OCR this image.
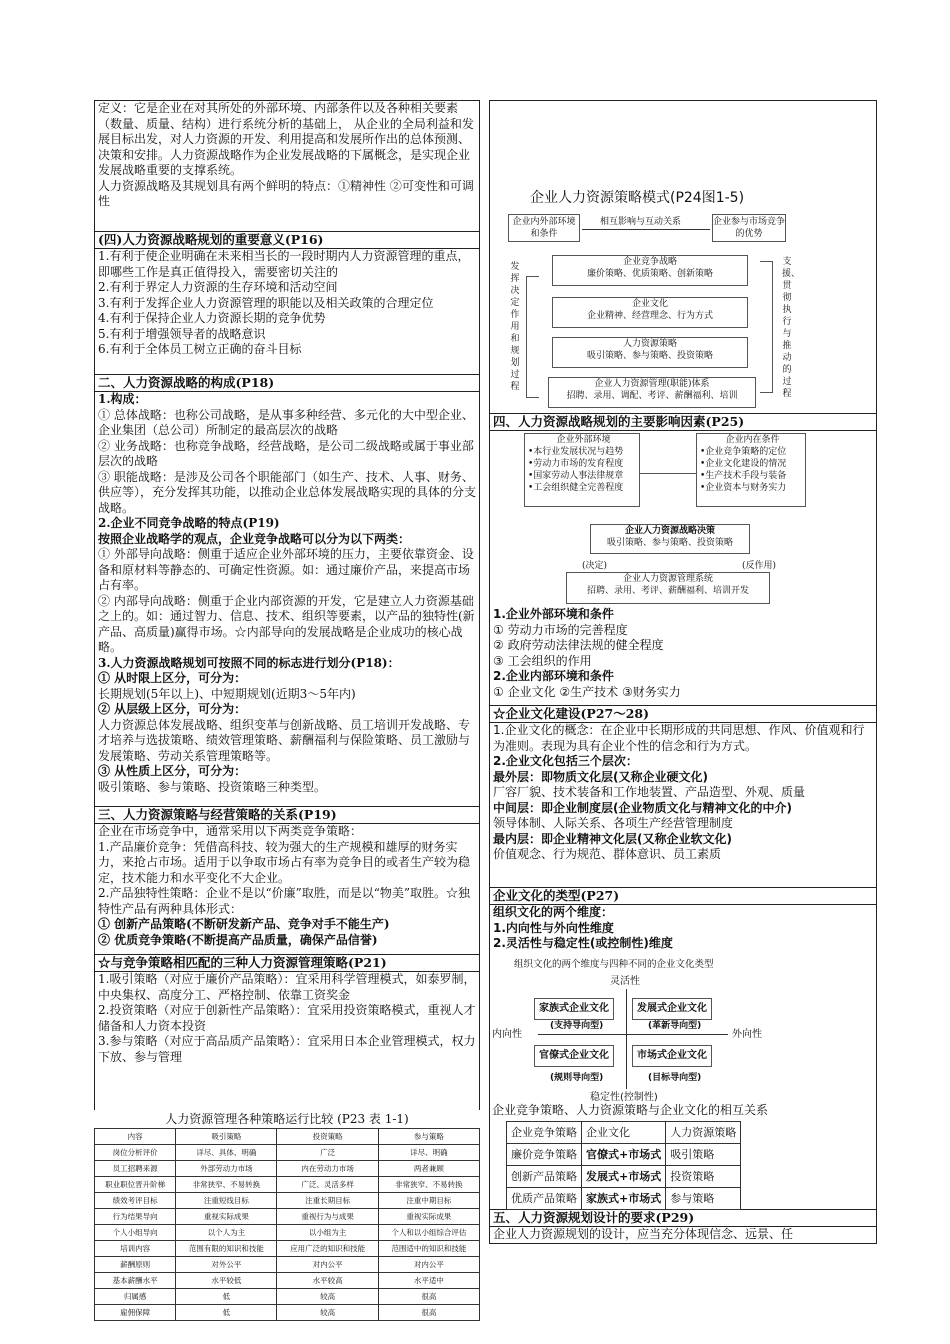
定义：它是企业在对其所处的外部环境、内部条件以及各种相关要素（数量、质量、结构）进行系统分析的基础上， 从企业的全局利益和发展目标出发，对人力资源的开发、利用提高和发展所作出的总体预测、决策和安排。人力资源战略作为企业发展战略的下属概念，是实现企业发展战略重要的支撑系统。

人力资源战略及其规划具有两个鲜明的特点：①精神性 ②可变性和可调性

(四)人力资源战略规划的重要意义(P16)

1.有利于使企业明确在未来相当长的一段时期内人力资源管理的重点，即哪些工作是真正值得投入，需要密切关注的

2.有利于界定人力资源的生存环境和活动空间

3.有利于发挥企业人力资源管理的职能以及相关政策的合理定位

4.有利于保持企业人力资源长期的竞争优势

5.有利于增强领导者的战略意识

6.有利于全体员工树立正确的奋斗目标

二、人力资源战略的构成(P18)

1.构成：

① 总体战略：也称公司战略，是从事多种经营、多元化的大中型企业、企业集团（总公司）所制定的最高层次的战略

② 业务战略：也称竞争战略，经营战略，是公司二级战略或属于事业部层次的战略

③ 职能战略：是涉及公司各个职能部门（如生产、技术、人事、财务、供应等），充分发挥其功能，以推动企业总体发展战略实现的具体的分支战略。

2.企业不同竞争战略的特点(P19)

按照企业战略学的观点，企业竞争战略可以分为以下两类：

① 外部导向战略：侧重于适应企业外部环境的压力，主要依靠资金、设备和原材料等静态的、可确定性资源。如：通过廉价产品，来提高市场占有率。

② 内部导向战略：侧重于企业内部资源的开发，它是建立人力资源基础之上的。如：通过智力、信息、技术、组织等要素，以产品的独特性(新产品、高质量)赢得市场。☆内部导向的发展战略是企业成功的核心战略。

3.人力资源战略规划可按照不同的标志进行划分(P18)：

① 从时限上区分，可分为：

长期规划(5年以上)、中短期规划(近期3～5年内)

② 从层级上区分，可分为：

人力资源总体发展战略、组织变革与创新战略、员工培训开发战略、专才培养与选拔策略、绩效管理策略、薪酬福利与保险策略、员工激励与发展策略、劳动关系管理策略等。

③ 从性质上区分，可分为：

吸引策略、参与策略、投资策略三种类型。

三、人力资源策略与经营策略的关系(P19)

企业在市场竞争中，通常采用以下两类竞争策略：

1.产品廉价竞争：凭借高科技、较为强大的生产规模和雄厚的财务实力，来抢占市场。适用于以争取市场占有率为竞争目的或者生产较为稳定，技术能力和水平变化不大企业。

2.产品独特性策略：企业不是以“价廉”取胜，而是以“物美”取胜。☆独特性产品有两种具体形式：

① 创新产品策略(不断研发新产品、竞争对手不能生产)

② 优质竞争策略(不断提高产品质量，确保产品信誉)

☆与竞争策略相匹配的三种人力资源管理策略(P21)

1.吸引策略（对应于廉价产品策略）：宜采用科学管理模式，如泰罗制，中央集权、高度分工、严格控制、依靠工资奖金

2.投资策略（对应于创新性产品策略）：宜采用投资策略模式，重视人才储备和人力资本投资

3.参与策略（对应于高品质产品策略）：宜采用日本企业管理模式，权力下放、参与管理

人力资源管理各种策略运行比较 (P23 表 1-1)
内容	吸引策略	投资策略	参与策略
岗位分析评价	详尽、具体、明确	广泛	详尽、明确
员工招聘来源	外部劳动力市场	内在劳动力市场	两者兼顾
职业职位晋升阶梯	非常狭窄、不易转换	广泛、灵活多样	非常狭窄、不易转换
绩效考评目标	注重短线目标	注重长期目标	注重中期目标
行为结果导向	重视实际成果	重视行为与成果	重视实际成果
个人小组导向	以个人为主	以小组为主	个人和以小组综合评估
培训内容	范围有限的知识和技能	应用广泛的知识和技能	范围适中的知识和技能
薪酬原则	对外公平	对内公平	对内公平
基本薪酬水平	水平较低	水平较高	水平适中
归属感	低	较高	很高
雇佣保障	低	较高	很高
企业人力资源策略模式(P24图1-5)
企业内外部环境和条件
相互影响与互动关系	企业参与市场竞争的优势
发挥决定作用和规划过程
支援、贯彻执行与推动的过程
企业竞争战略
廉价策略、优质策略、创新策略
企业文化
企业精神、经营理念、行为方式
人力资源策略
吸引策略、参与策略、投资策略
企业人力资源管理(职能)体系
招聘、录用、调配、考评、薪酬福利、培训
四、人力资源战略规划的主要影响因素(P25)
企业外部环境
•本行业发展状况与趋势
•劳动力市场的发育程度
•国家劳动人事法律规章
•工会组织健全完善程度
企业内在条件
•企业竞争策略的定位
•企业文化建设的情况
•生产技术手段与装备
•企业资本与财务实力
企业人力资源战略决策
吸引策略、参与策略、投资策略
(决定)	(反作用)
企业人力资源管理系统
招聘、录用、考评、薪酬福利、培训开发

1.企业外部环境和条件

① 劳动力市场的完善程度

② 政府劳动法律法规的健全程度

③ 工会组织的作用

2.企业内部环境和条件

① 企业文化 ②生产技术 ③财务实力

☆企业文化建设(P27～28)

1.企业文化的概念：在企业中长期形成的共同思想、作风、价值观和行为准则。表现为具有企业个性的信念和行为方式。

2.企业文化包括三个层次：

最外层：即物质文化层(又称企业硬文化)

厂容厂貌、技术装备和工作地装置、产品造型、外观、质量

中间层：即企业制度层(企业物质文化与精神文化的中介)

领导体制、人际关系、各项生产经营管理制度

最内层：即企业精神文化层(又称企业软文化)

价值观念、行为规范、群体意识、员工素质

企业文化的类型(P27)

组织文化的两个维度：

1.内向性与外向性维度

2.灵活性与稳定性(或控制性)维度

组织文化的两个维度与四种不同的企业文化类型
灵活性
稳定性(控制性)
内向性	外向性
家族式企业文化
(支持导向型)
发展式企业文化
(革新导向型)
官僚式企业文化
(规则导向型)
市场式企业文化
(目标导向型)
企业竞争策略、人力资源策略与企业文化的相互关系
企业竞争策略	企业文化	人力资源策略
廉价竞争策略	官僚式+市场式	吸引策略
创新产品策略	发展式+市场式	投资策略
优质产品策略	家族式+市场式	参与策略
五、人力资源规划设计的要求(P29)

企业人力资源规划的设计，应当充分体现信念、远景、任
